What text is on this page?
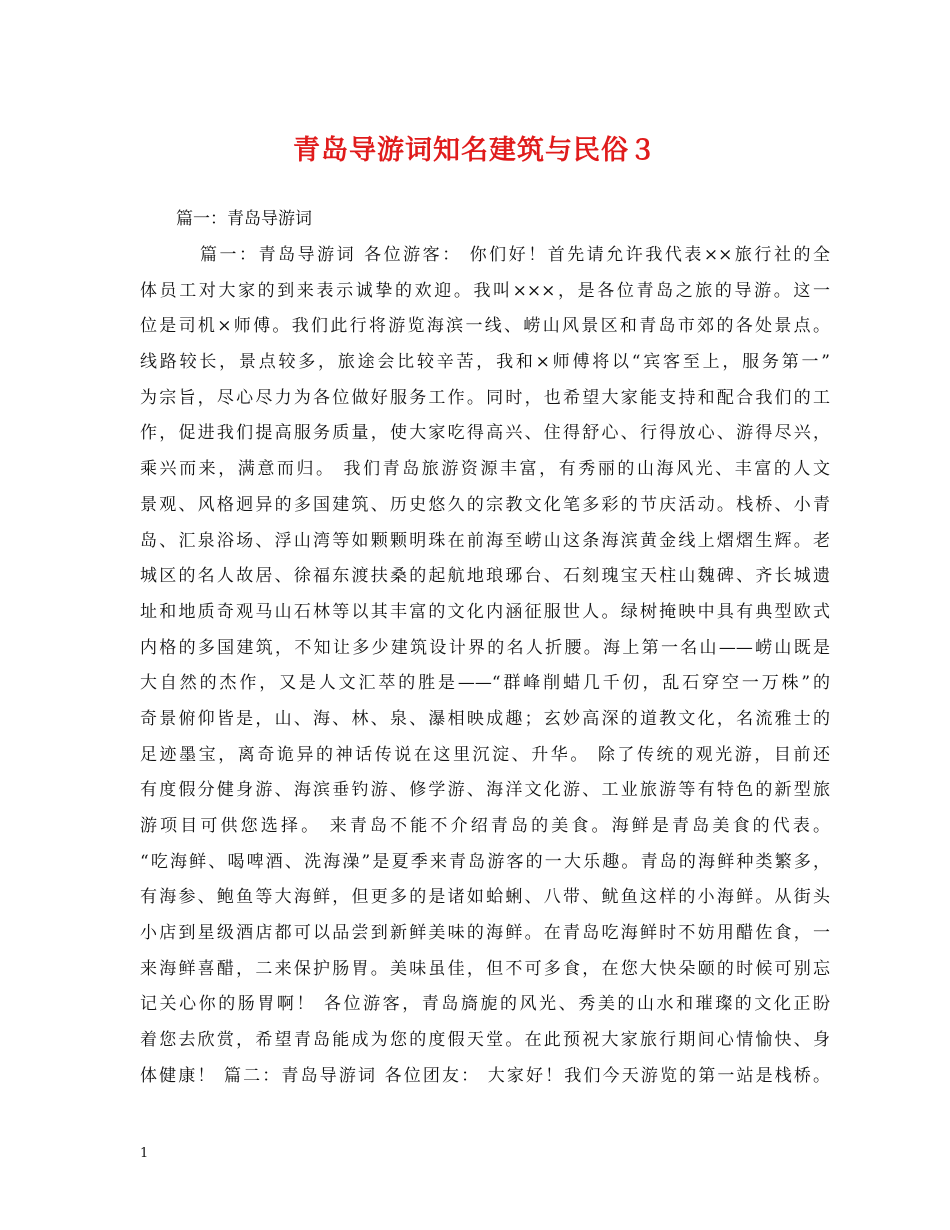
青岛导游词知名建筑与民俗３

篇一：青岛导游词

篇一：青岛导游词 各位游客： 你们好！首先请允许我代表××旅行社的全
体员工对大家的到来表示诚挚的欢迎。我叫×××，是各位青岛之旅的导游。这一
位是司机×师傅。我们此行将游览海滨一线、崂山风景区和青岛市郊的各处景点。
线路较长，景点较多，旅途会比较辛苦，我和×师傅将以“宾客至上，服务第一”
为宗旨，尽心尽力为各位做好服务工作。同时，也希望大家能支持和配合我们的工
作，促进我们提高服务质量，使大家吃得高兴、住得舒心、行得放心、游得尽兴，
乘兴而来，满意而归。 我们青岛旅游资源丰富，有秀丽的山海风光、丰富的人文
景观、风格迥异的多国建筑、历史悠久的宗教文化笔多彩的节庆活动。栈桥、小青
岛、汇泉浴场、浮山湾等如颗颗明珠在前海至崂山这条海滨黄金线上熠熠生辉。老
城区的名人故居、徐福东渡扶桑的起航地琅琊台、石刻瑰宝天柱山魏碑、齐长城遗
址和地质奇观马山石林等以其丰富的文化内涵征服世人。绿树掩映中具有典型欧式
内格的多国建筑，不知让多少建筑设计界的名人折腰。海上第一名山——崂山既是
大自然的杰作，又是人文汇萃的胜是——“群峰削蜡几千仞，乱石穿空一万株”的
奇景俯仰皆是，山、海、林、泉、瀑相映成趣；玄妙高深的道教文化，名流雅士的
足迹墨宝，离奇诡异的神话传说在这里沉淀、升华。 除了传统的观光游，目前还
有度假分健身游、海滨垂钓游、修学游、海洋文化游、工业旅游等有特色的新型旅
游项目可供您选择。 来青岛不能不介绍青岛的美食。海鲜是青岛美食的代表。
“吃海鲜、喝啤酒、洗海澡”是夏季来青岛游客的一大乐趣。青岛的海鲜种类繁多，
有海参、鲍鱼等大海鲜，但更多的是诸如蛤蜊、八带、鱿鱼这样的小海鲜。从街头
小店到星级酒店都可以品尝到新鲜美味的海鲜。在青岛吃海鲜时不妨用醋佐食，一
来海鲜喜醋，二来保护肠胃。美味虽佳，但不可多食，在您大快朵颐的时候可别忘
记关心你的肠胃啊！ 各位游客，青岛旖旎的风光、秀美的山水和璀璨的文化正盼
着您去欣赏，希望青岛能成为您的度假天堂。在此预祝大家旅行期间心情愉快、身
体健康！ 篇二：青岛导游词 各位团友： 大家好！我们今天游览的第一站是栈桥。

1
